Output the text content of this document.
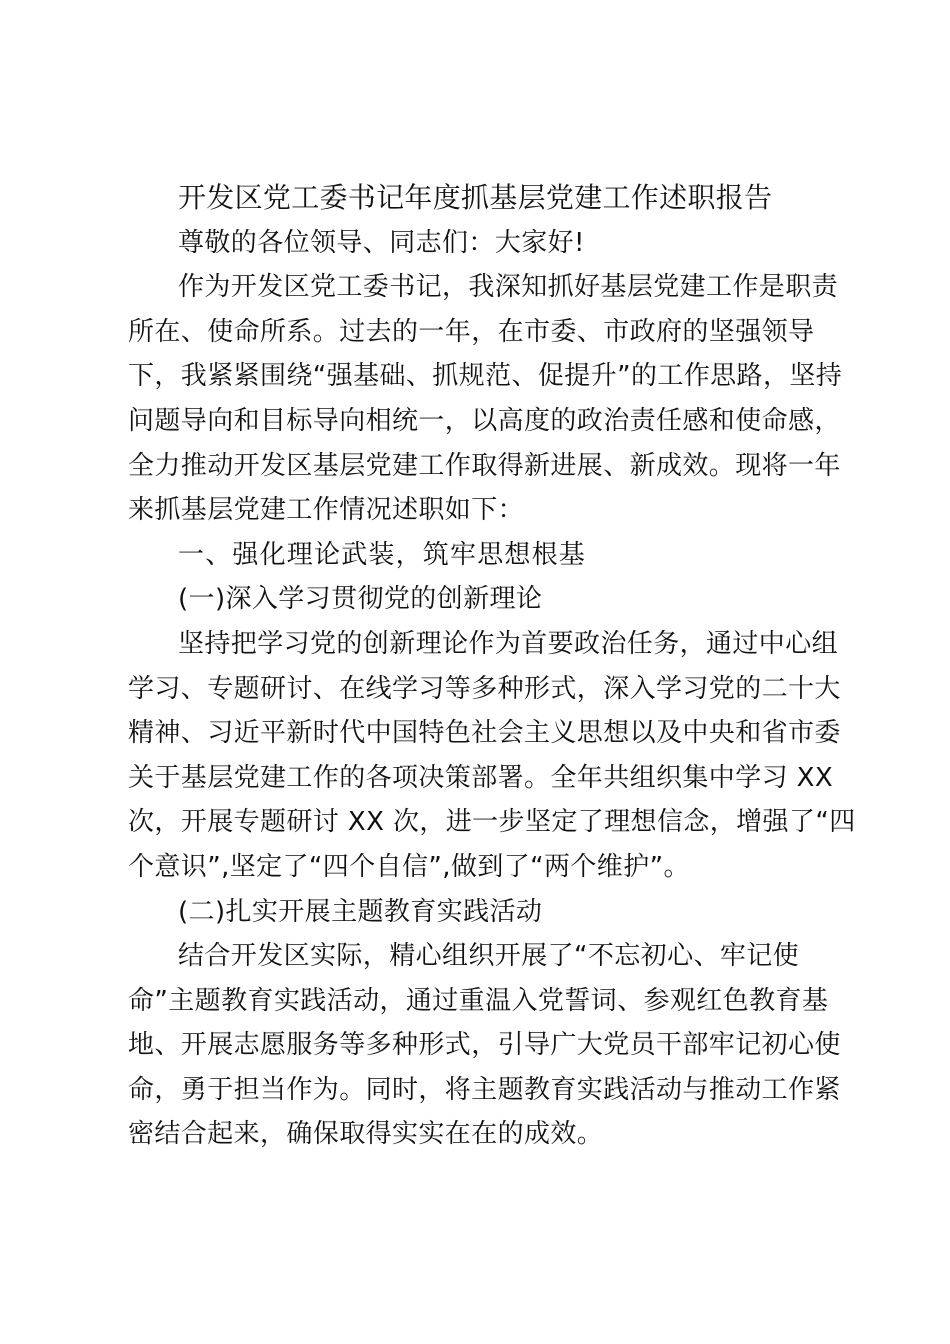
开发区党工委书记年度抓基层党建工作述职报告
尊敬的各位领导、同志们：大家好!
作为开发区党工委书记，我深知抓好基层党建工作是职责
所在、使命所系。过去的一年，在市委、市政府的坚强领导
下，我紧紧围绕“强基础、抓规范、促提升”的工作思路，坚持
问题导向和目标导向相统一，以高度的政治责任感和使命感，
全力推动开发区基层党建工作取得新进展、新成效。现将一年
来抓基层党建工作情况述职如下：
一、强化理论武装，筑牢思想根基
(一)深入学习贯彻党的创新理论
坚持把学习党的创新理论作为首要政治任务，通过中心组
学习、专题研讨、在线学习等多种形式，深入学习党的二十大
精神、习近平新时代中国特色社会主义思想以及中央和省市委
关于基层党建工作的各项决策部署。全年共组织集中学习 XX
次，开展专题研讨 XX 次，进一步坚定了理想信念，增强了“四
个意识”,坚定了“四个自信”,做到了“两个维护”。
(二)扎实开展主题教育实践活动
结合开发区实际，精心组织开展了“不忘初心、牢记使
命”主题教育实践活动，通过重温入党誓词、参观红色教育基
地、开展志愿服务等多种形式，引导广大党员干部牢记初心使
命，勇于担当作为。同时，将主题教育实践活动与推动工作紧
密结合起来，确保取得实实在在的成效。
